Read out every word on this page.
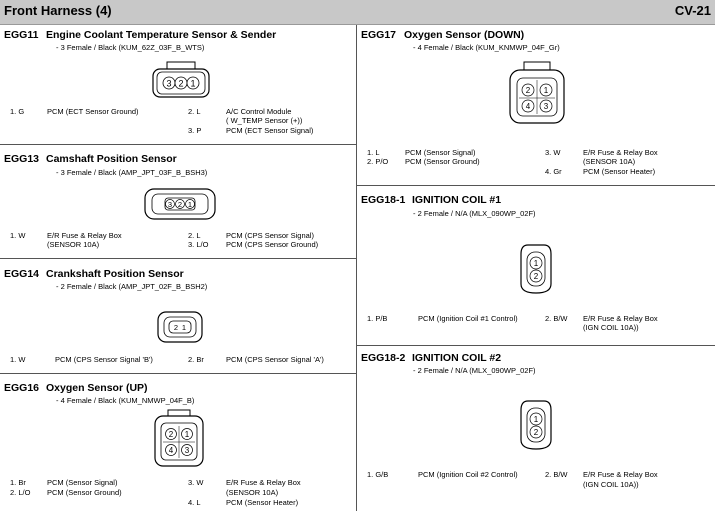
Front Harness (4)	CV-21
EGG11 Engine Coolant Temperature Sensor & Sender
- 3 Female / Black (KUM_62Z_03F_B_WTS)
3 2 1
1. G	PCM (ECT Sensor Ground)	2. L	A/C Control Module
( W_TEMP Sensor (+))
3. P	PCM (ECT Sensor Signal)
EGG13 Camshaft Position Sensor
- 3 Female / Black (AMP_JPT_03F_B_BSH3)
3 2 1
1. W	E/R Fuse & Relay Box
(SENSOR 10A)
2. L	PCM (CPS Sensor Signal)
3. L/O PCM (CPS Sensor Ground)
EGG14 Crankshaft Position Sensor
- 2 Female / Black (AMP_JPT_02F_B_BSH2)
2 1
1. W	PCM (CPS Sensor Signal 'B')	2. Br	PCM (CPS Sensor Signal 'A')
EGG16 Oxygen Sensor (UP)
- 4 Female / Black (KUM_NMWP_04F_B)
2 1
4 3
1. Br	PCM (Sensor Signal)
2. L/O PCM (Sensor Ground)
3. W	E/R Fuse & Relay Box
(SENSOR 10A)
4. L	PCM (Sensor Heater)
EGG17 Oxygen Sensor (DOWN)
- 4 Female / Black (KUM_KNMWP_04F_Gr)
2 1
4 3
1. L	PCM (Sensor Signal)
2. P/O PCM (Sensor Ground)
3. W	E/R Fuse & Relay Box
(SENSOR 10A)
4. Gr	PCM (Sensor Heater)
EGG18-1 IGNITION COIL #1
- 2 Female / N/A (MLX_090WP_02F)
1
2
1. P/B	PCM (Ignition Coil #1 Control)	2. B/W E/R Fuse & Relay Box
(IGN COIL 10A))
EGG18-2 IGNITION COIL #2
- 2 Female / N/A (MLX_090WP_02F)
1
2
1. G/B	PCM (Ignition Coil #2 Control)	2. B/W E/R Fuse & Relay Box
(IGN COIL 10A))
